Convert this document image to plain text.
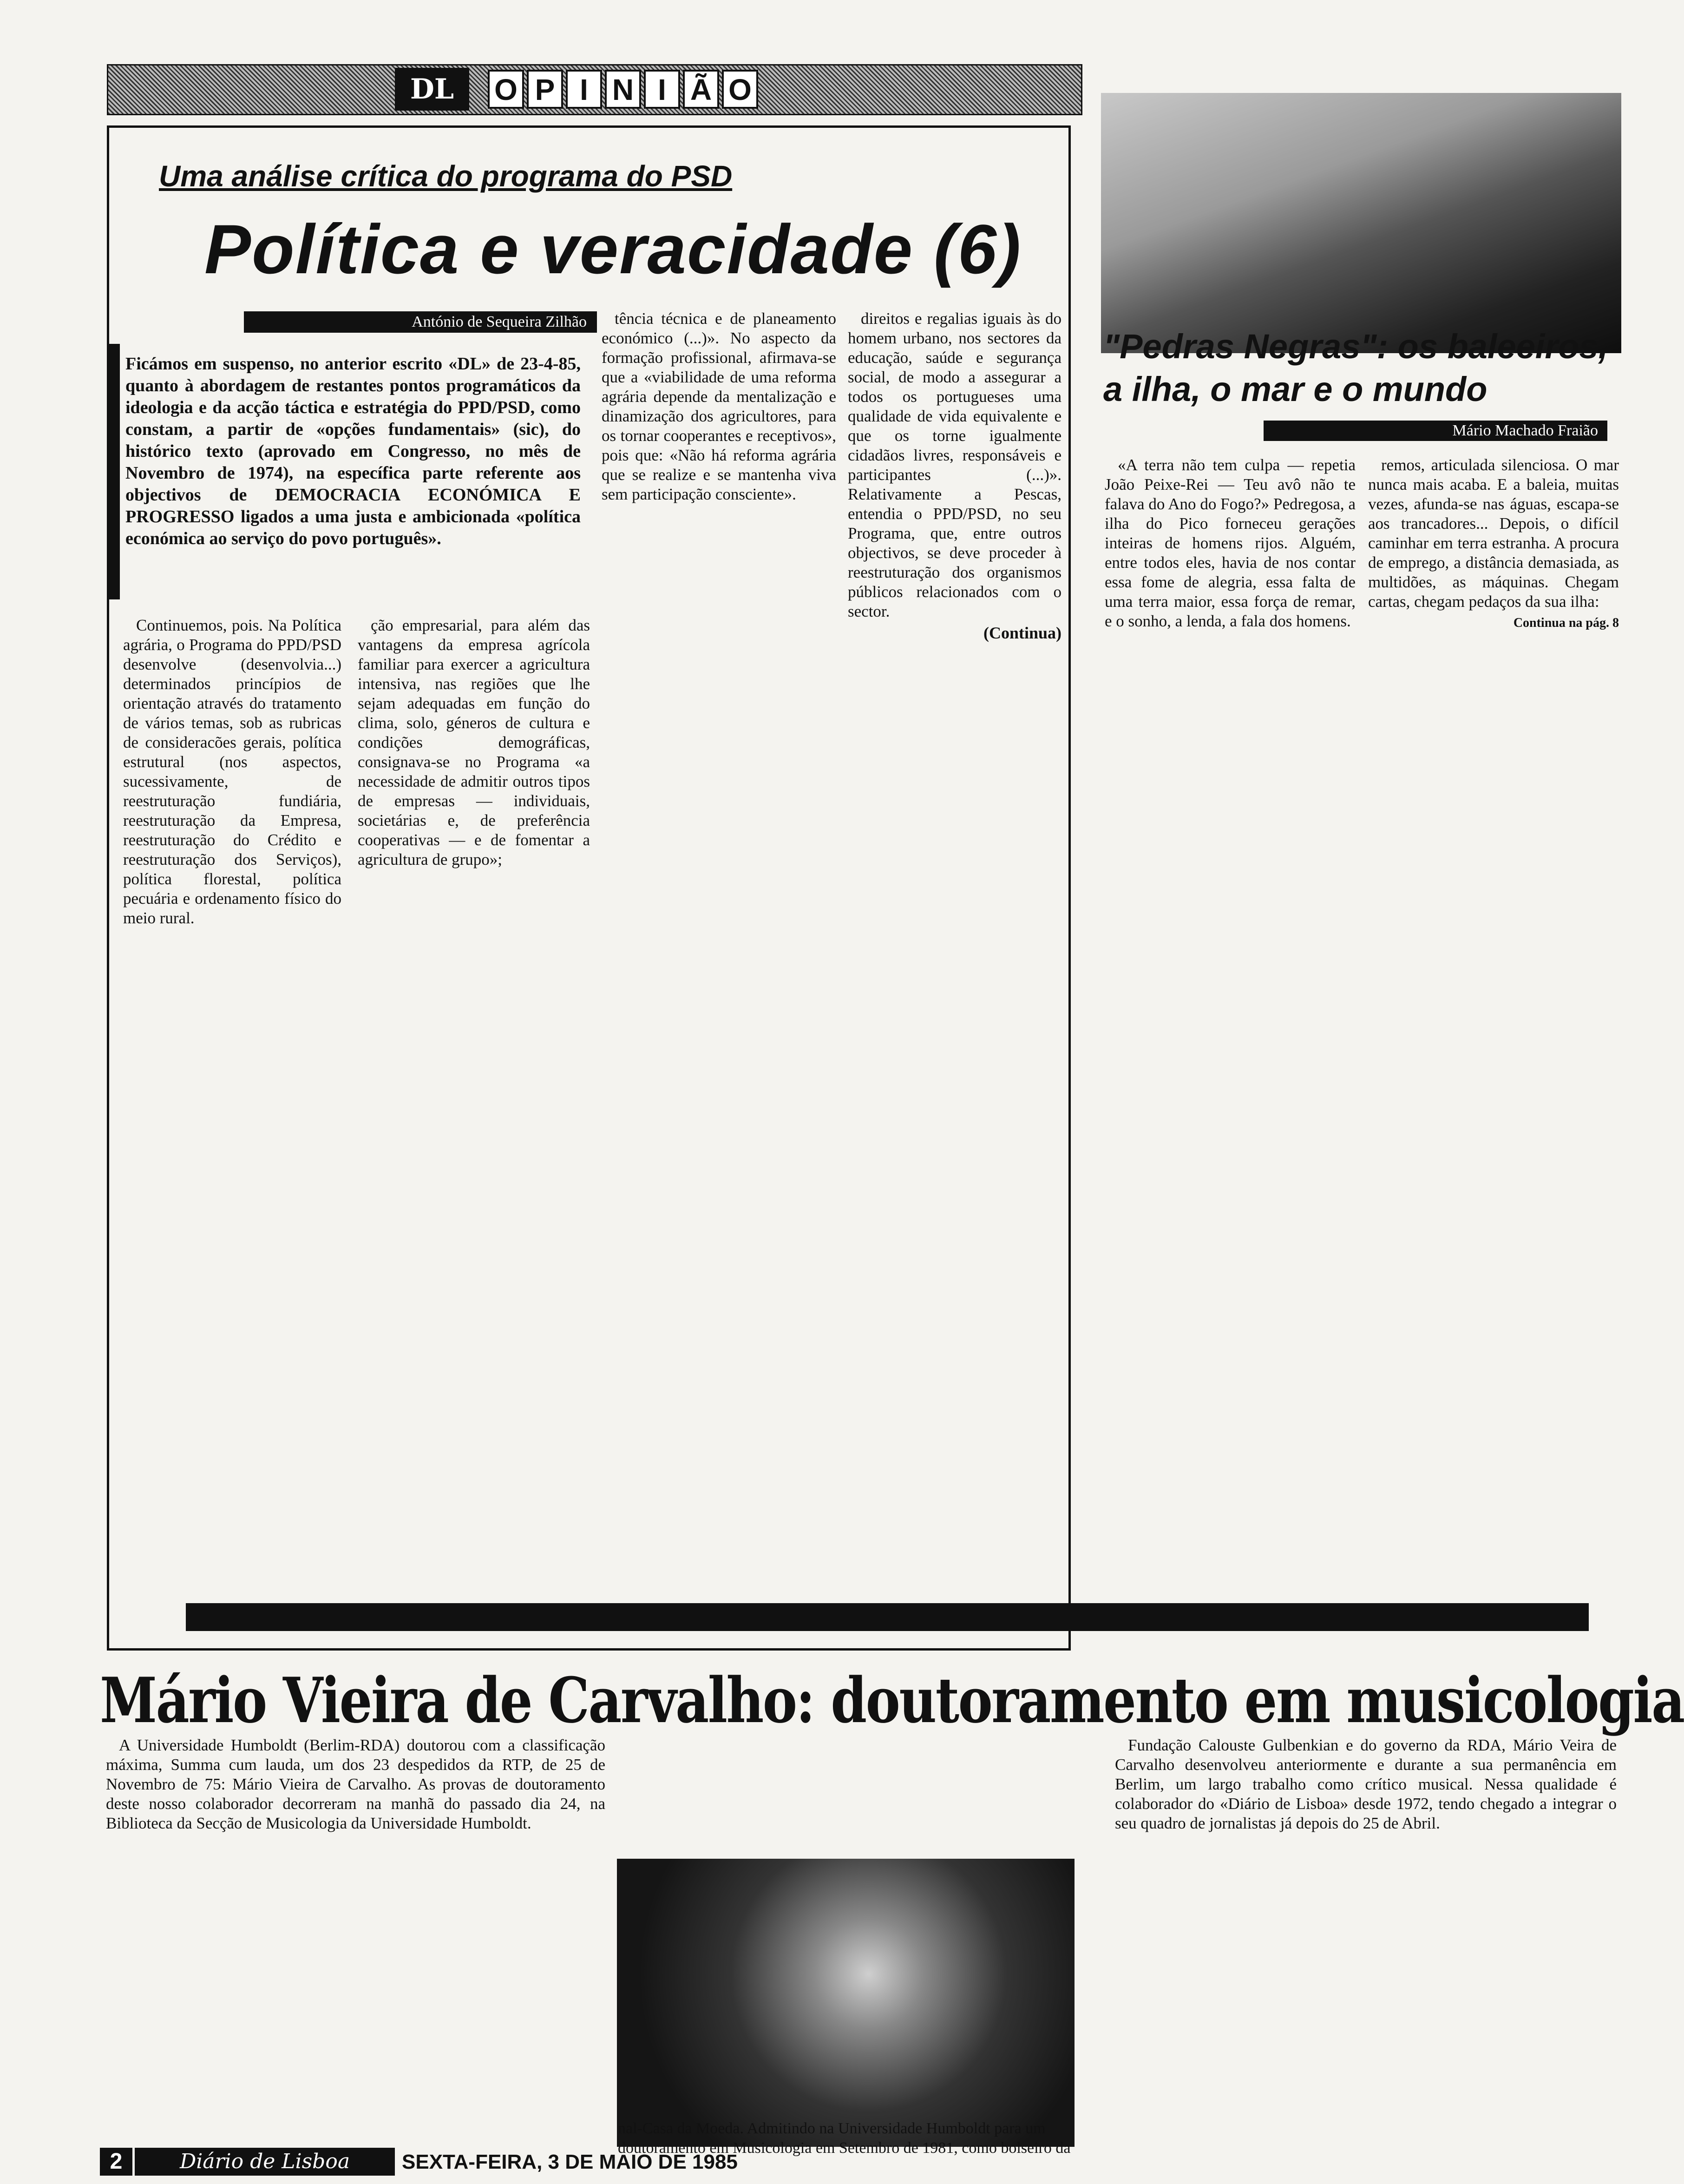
DL	O P I N I Ã O
Uma análise crítica do programa do PSD
Política e veracidade (6)
António de Sequeira Zilhão
Ficámos em suspenso, no anterior escrito «DL» de 23-4-85, quanto à abordagem de restantes pontos programáticos da ideologia e da acção táctica e estratégia do PPD/PSD, como constam, a partir de «opções fundamentais» (sic), do histórico texto (aprovado em Congresso, no mês de Novembro de 1974), na específica parte referente aos objectivos de DEMOCRACIA ECONÓMICA E PROGRESSO ligados a uma justa e ambicionada «política económica ao serviço do povo português».

Continuemos, pois. Na Política agrária, o Programa do PPD/PSD desenvolve (desenvolvia...) determinados princípios de orientação através do tratamento de vários temas, sob as rubricas de consideracões gerais, política estrutural (nos aspectos, sucessivamente, de reestruturação fundiária, reestruturação da Empresa, reestruturação do Crédito e reestruturação dos Serviços), política florestal, política pecuária e ordenamento físico do meio rural.

ção empresarial, para além das vantagens da empresa agrícola familiar para exercer a agricultura intensiva, nas regiões que lhe sejam adequadas em função do clima, solo, géneros de cultura e condições demográficas, consignava-se no Programa «a necessidade de admitir outros tipos de empresas — individuais, societárias e, de preferência cooperativas — e de fomentar a agricultura de grupo»;

tência técnica e de planeamento económico (...)». No aspecto da formação profissional, afirmava-se que a «viabilidade de uma reforma agrária depende da mentalização e dinamização dos agricultores, para os tornar cooperantes e receptivos», pois que: «Não há reforma agrária que se realize e se mantenha viva sem participação consciente».

direitos e regalias iguais às do homem urbano, nos sectores da educação, saúde e segurança social, de modo a assegurar a todos os portugueses uma qualidade de vida equivalente e que os torne igualmente cidadãos livres, responsáveis e participantes (...)». Relativamente a Pescas, entendia o PPD/PSD, no seu Programa, que, entre outros objectivos, se deve proceder à reestruturação dos organismos públicos relacionados com o sector.

(Continua)
"Pedras Negras": os baleeiros, a ilha, o mar e o mundo
Mário Machado Fraião

«A terra não tem culpa — repetia João Peixe-Rei — Teu avô não te falava do Ano do Fogo?» Pedregosa, a ilha do Pico forneceu gerações inteiras de homens rijos. Alguém, entre todos eles, havia de nos contar essa fome de alegria, essa falta de uma terra maior, essa força de remar, e o sonho, a lenda, a fala dos homens.

remos, articulada silenciosa. O mar nunca mais acaba. E a baleia, muitas vezes, afunda-se nas águas, escapa-se aos trancadores... Depois, o difícil caminhar em terra estranha. A procura de emprego, a distância demasiada, as multidões, as máquinas. Chegam cartas, chegam pedaços da sua ilha:

Continua na pág. 8
Mário Vieira de Carvalho: doutoramento em musicologia

A Universidade Humboldt (Berlim-RDA) doutorou com a classificação máxima, Summa cum lauda, um dos 23 despedidos da RTP, de 25 de Novembro de 75: Mário Vieira de Carvalho. As provas de doutoramento deste nosso colaborador decorreram na manhã do passado dia 24, na Biblioteca da Secção de Musicologia da Universidade Humboldt.

nal-Casa da Moeda. Admitindo na Universidade Humboldt para um doutoramento em Musicologia em Setembro de 1981, como bolseiro da

Fundação Calouste Gulbenkian e do governo da RDA, Mário Veira de Carvalho desenvolveu anteriormente e durante a sua permanência em Berlim, um largo trabalho como crítico musical. Nessa qualidade é colaborador do «Diário de Lisboa» desde 1972, tendo chegado a integrar o seu quadro de jornalistas já depois do 25 de Abril.

2	Diário de Lisboa	SEXTA-FEIRA, 3 DE MAIO DE 1985
